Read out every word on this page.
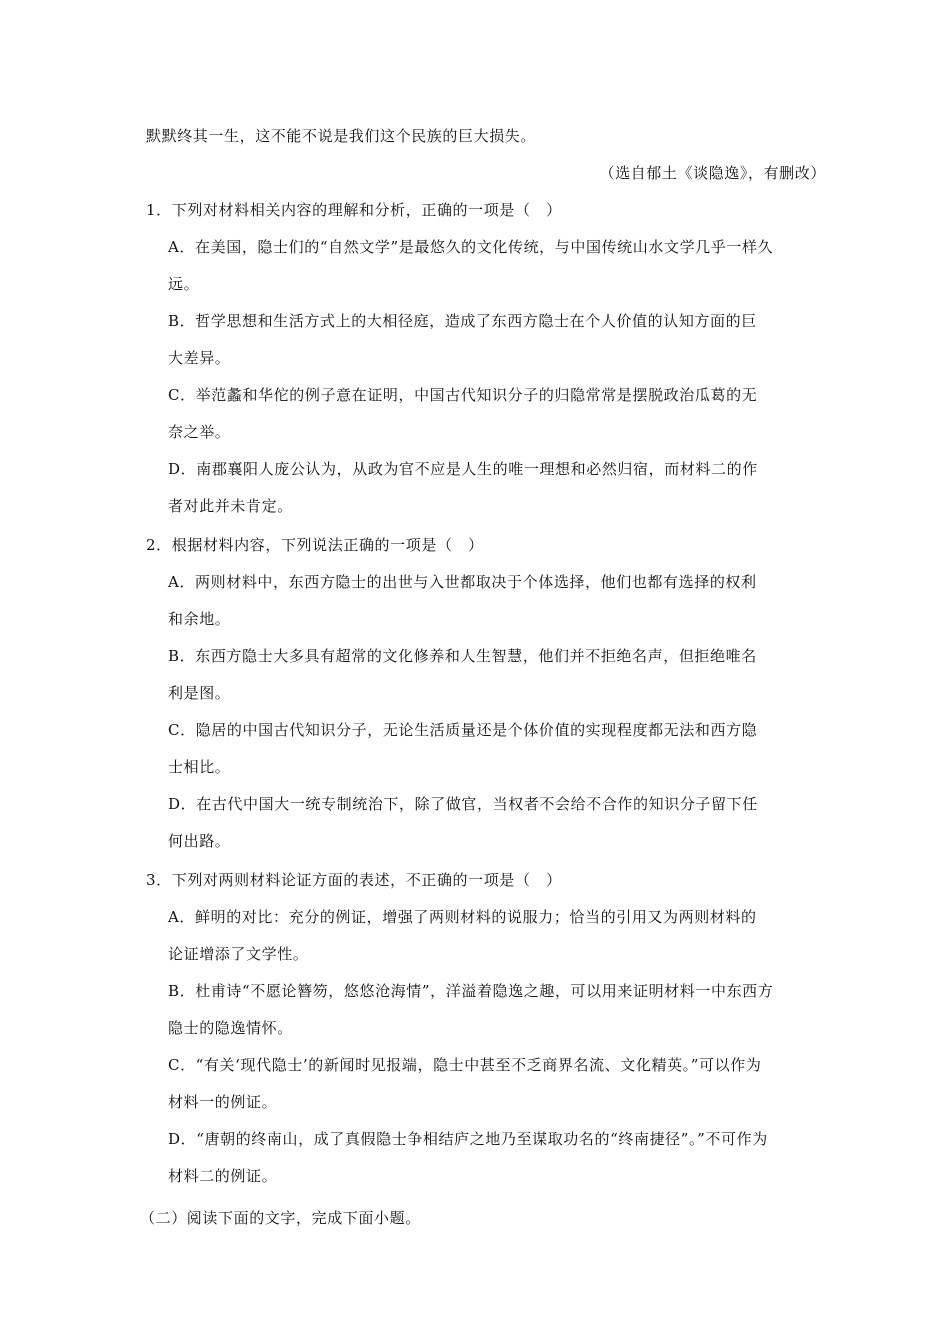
默默终其一生，这不能不说是我们这个民族的巨大损失。
（选自郁土《谈隐逸》，有删改）
1．下列对材料相关内容的理解和分析，正确的一项是（　）
A．在美国，隐士们的“自然文学”是最悠久的文化传统，与中国传统山水文学几乎一样久
远。
B．哲学思想和生活方式上的大相径庭，造成了东西方隐士在个人价值的认知方面的巨
大差异。
C．举范蠡和华佗的例子意在证明，中国古代知识分子的归隐常常是摆脱政治瓜葛的无
奈之举。
D．南郡襄阳人庞公认为，从政为官不应是人生的唯一理想和必然归宿，而材料二的作
者对此并未肯定。
2．根据材料内容，下列说法正确的一项是（　）
A．两则材料中，东西方隐士的出世与入世都取决于个体选择，他们也都有选择的权利
和余地。
B．东西方隐士大多具有超常的文化修养和人生智慧，他们并不拒绝名声，但拒绝唯名
利是图。
C．隐居的中国古代知识分子，无论生活质量还是个体价值的实现程度都无法和西方隐
士相比。
D．在古代中国大一统专制统治下，除了做官，当权者不会给不合作的知识分子留下任
何出路。
3．下列对两则材料论证方面的表述，不正确的一项是（　）
A．鲜明的对比：充分的例证，增强了两则材料的说服力；恰当的引用又为两则材料的
论证增添了文学性。
B．杜甫诗“不愿论簪笏，悠悠沧海情”，洋溢着隐逸之趣，可以用来证明材料一中东西方
隐士的隐逸情怀。
C．“有关‘现代隐士’的新闻时见报端，隐士中甚至不乏商界名流、文化精英。”可以作为
材料一的例证。
D．“唐朝的终南山，成了真假隐士争相结庐之地乃至谋取功名的“终南捷径”。”不可作为
材料二的例证。
（二）阅读下面的文字，完成下面小题。
